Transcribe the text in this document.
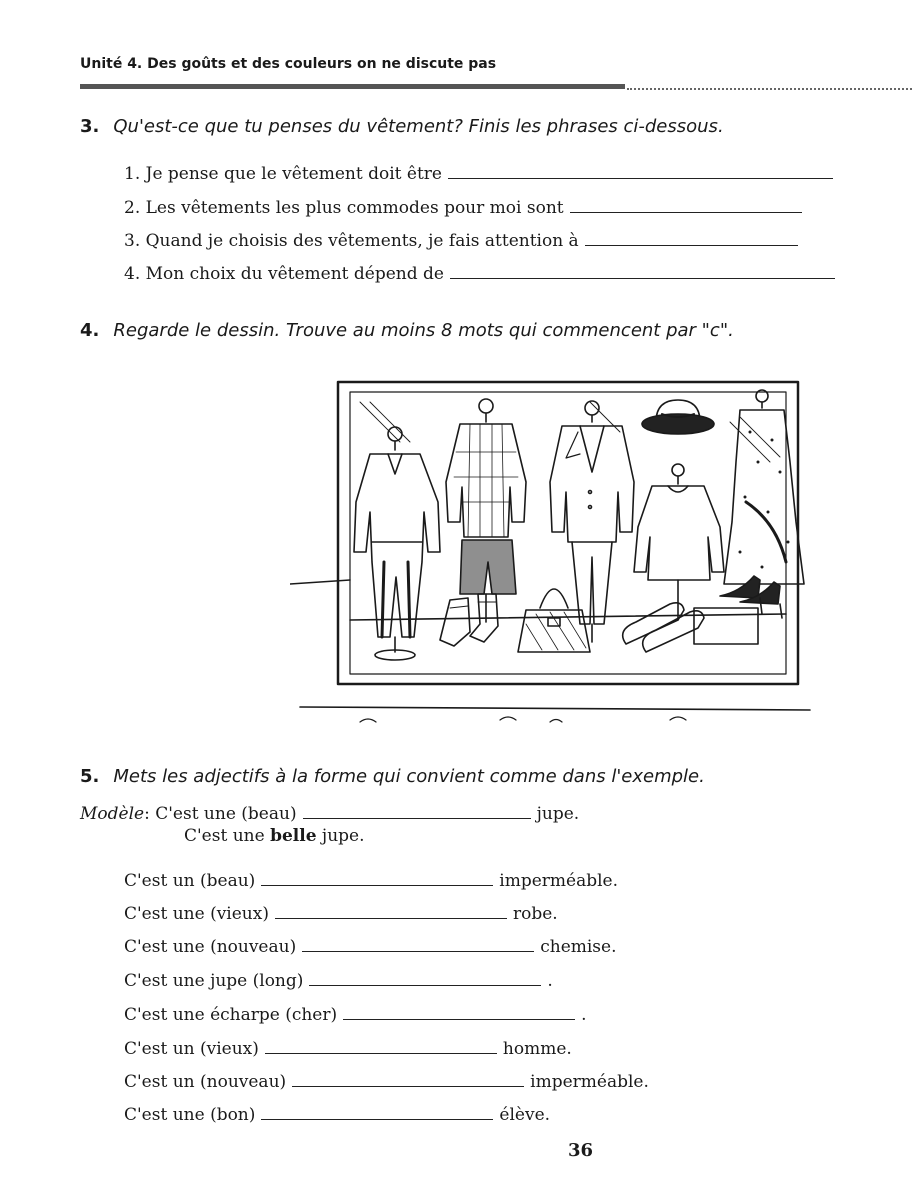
Unité 4. Des goûts et des couleurs on ne discute pas
3. Qu'est-ce que tu penses du vêtement? Finis les phrases ci-dessous.
1. Je pense que le vêtement doit être
2. Les vêtements les plus commodes pour moi sont
3. Quand je choisis des vêtements, je fais attention à
4. Mon choix du vêtement dépend de
4. Regarde le dessin. Trouve au moins 8 mots qui commencent par "c".
5. Mets les adjectifs à la forme qui convient comme dans l'exemple.
Modèle: C'est une (beau)	jupe.
C'est une belle jupe.
C'est un (beau)	imperméable.
C'est une (vieux)	robe.
C'est une (nouveau)	chemise.
C'est une jupe (long)	.
C'est une écharpe (cher)	.
C'est un (vieux)	homme.
C'est un (nouveau)	imperméable.
C'est une (bon)	élève.
36
